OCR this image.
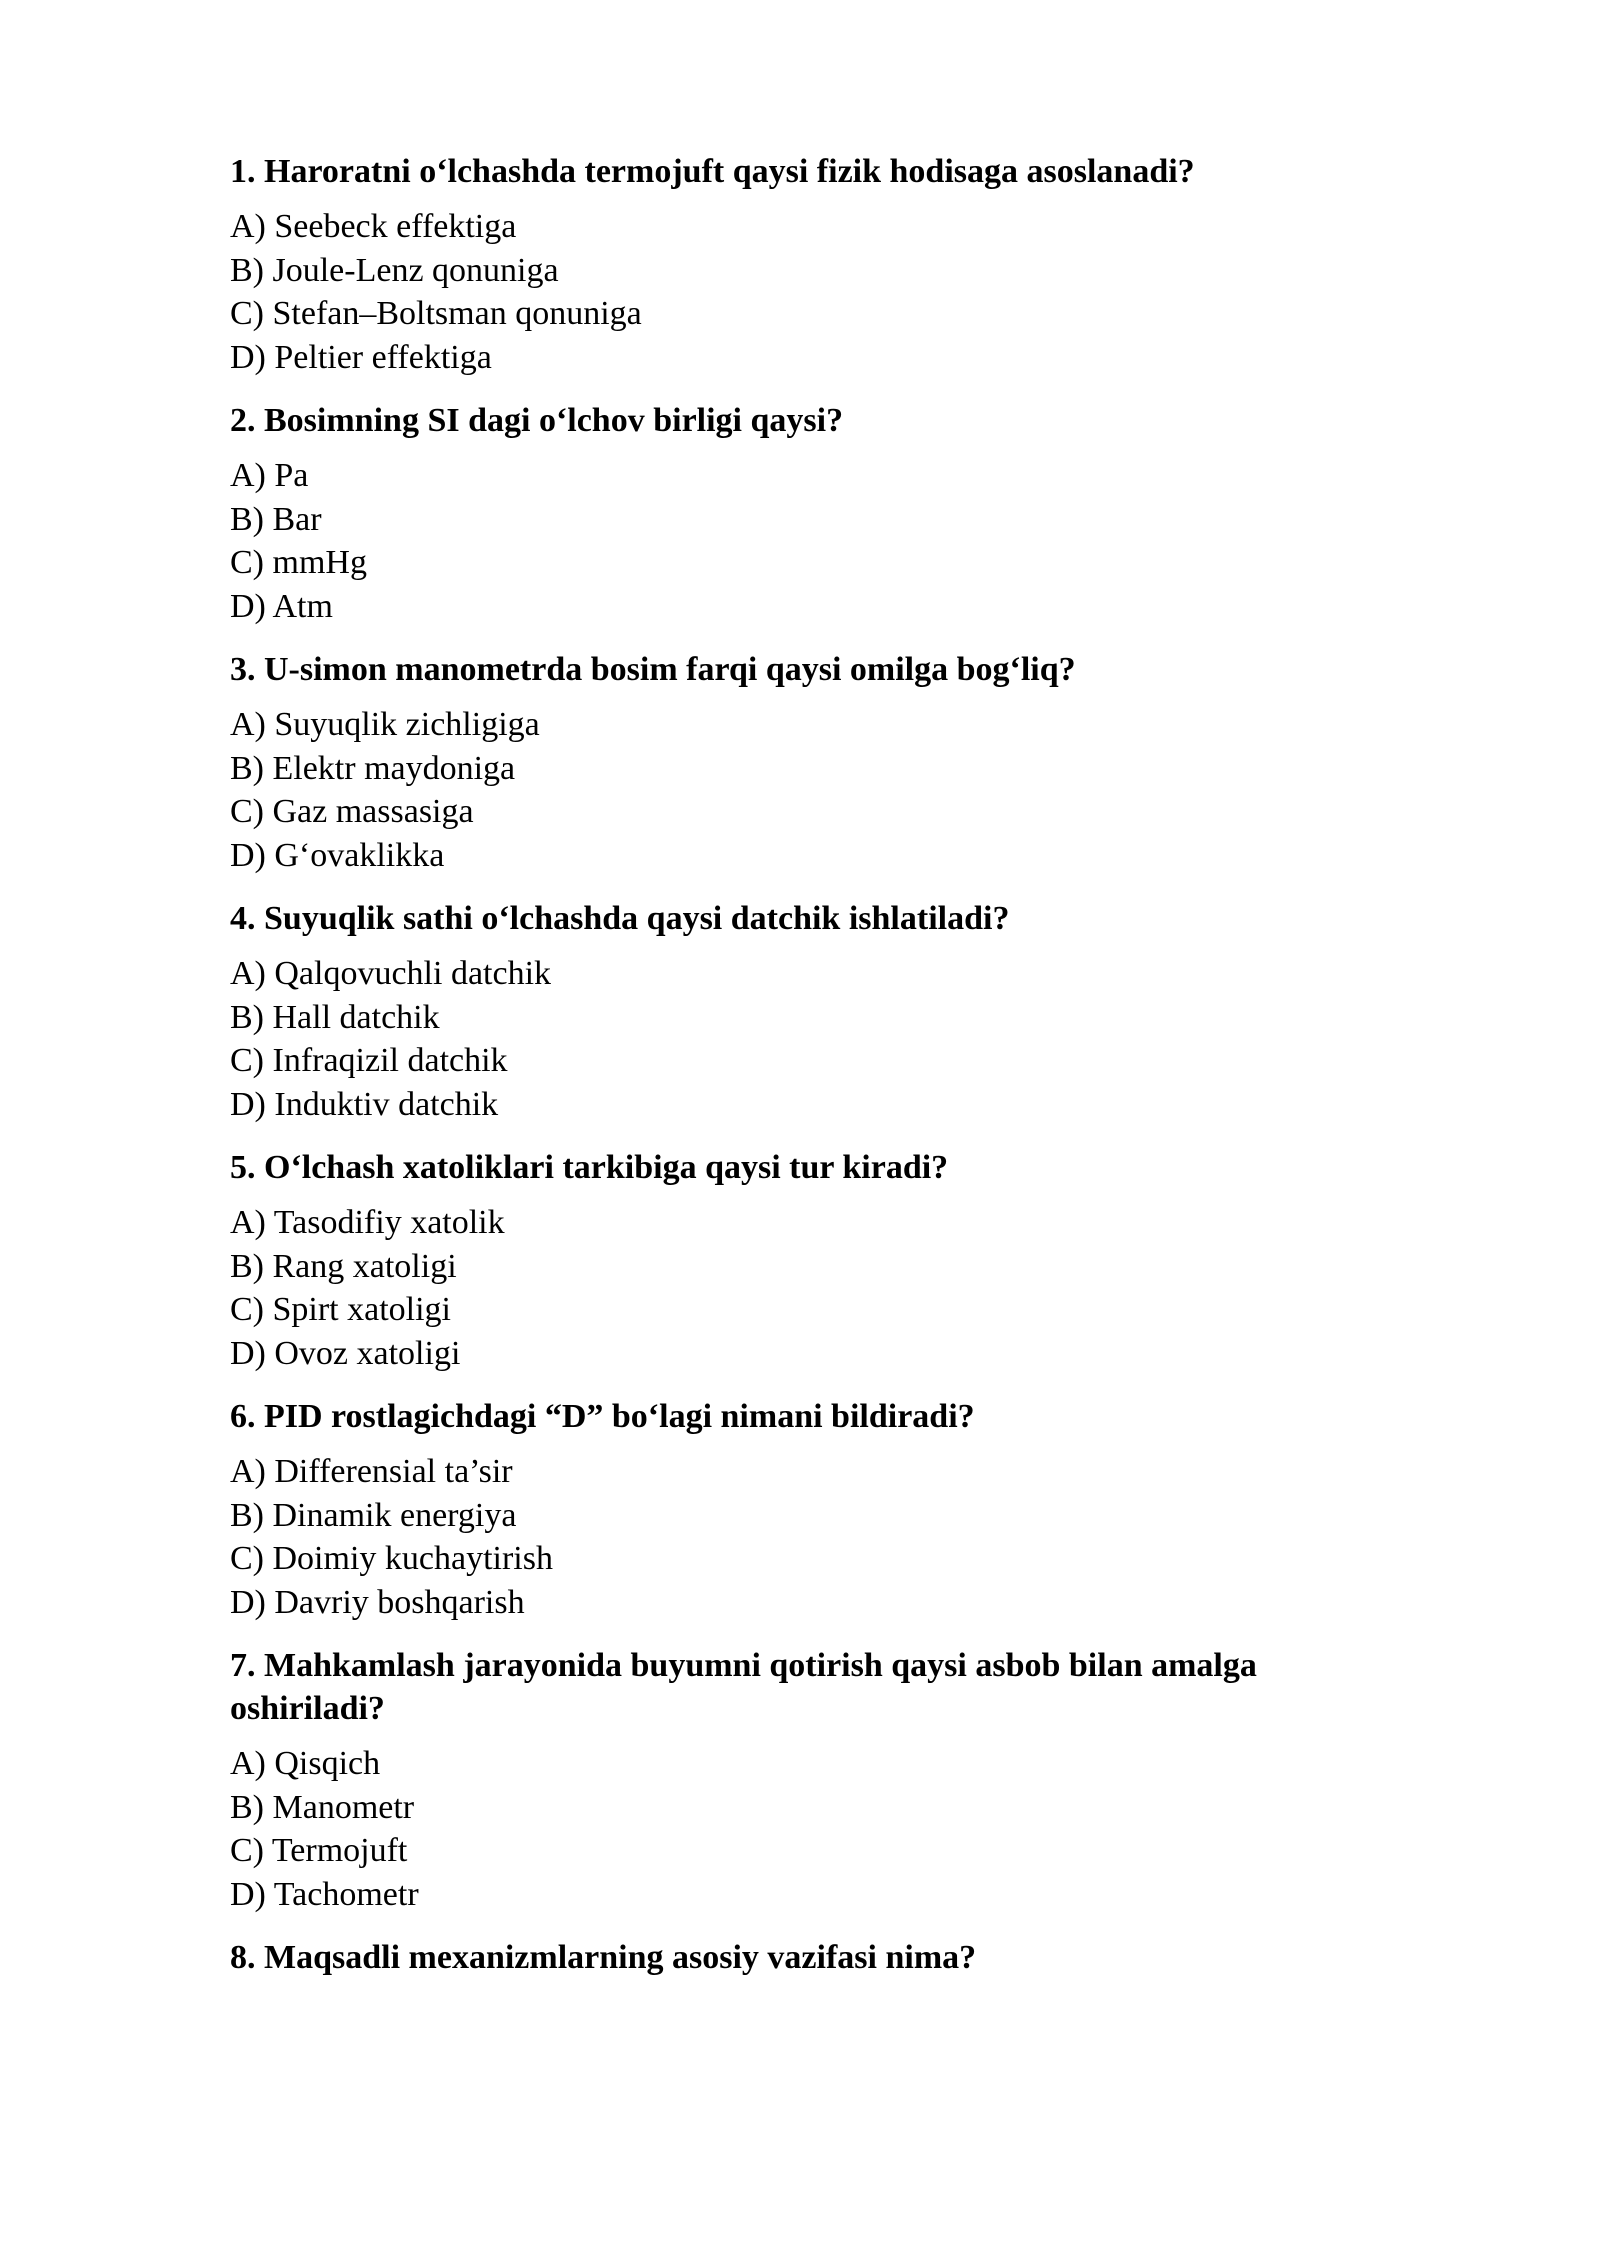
1. Haroratni o‘lchashda termojuft qaysi fizik hodisaga asoslanadi?
A) Seebeck effektiga
B) Joule-Lenz qonuniga
C) Stefan–Boltsman qonuniga
D) Peltier effektiga
2. Bosimning SI dagi o‘lchov birligi qaysi?
A) Pa
B) Bar
C) mmHg
D) Atm
3. U-simon manometrda bosim farqi qaysi omilga bog‘liq?
A) Suyuqlik zichligiga
B) Elektr maydoniga
C) Gaz massasiga
D) G‘ovaklikka
4. Suyuqlik sathi o‘lchashda qaysi datchik ishlatiladi?
A) Qalqovuchli datchik
B) Hall datchik
C) Infraqizil datchik
D) Induktiv datchik
5. O‘lchash xatoliklari tarkibiga qaysi tur kiradi?
A) Tasodifiy xatolik
B) Rang xatoligi
C) Spirt xatoligi
D) Ovoz xatoligi
6. PID rostlagichdagi “D” bo‘lagi nimani bildiradi?
A) Differensial ta’sir
B) Dinamik energiya
C) Doimiy kuchaytirish
D) Davriy boshqarish
7. Mahkamlash jarayonida buyumni qotirish qaysi asbob bilan amalga oshiriladi?
A) Qisqich
B) Manometr
C) Termojuft
D) Tachometr
8. Maqsadli mexanizmlarning asosiy vazifasi nima?
